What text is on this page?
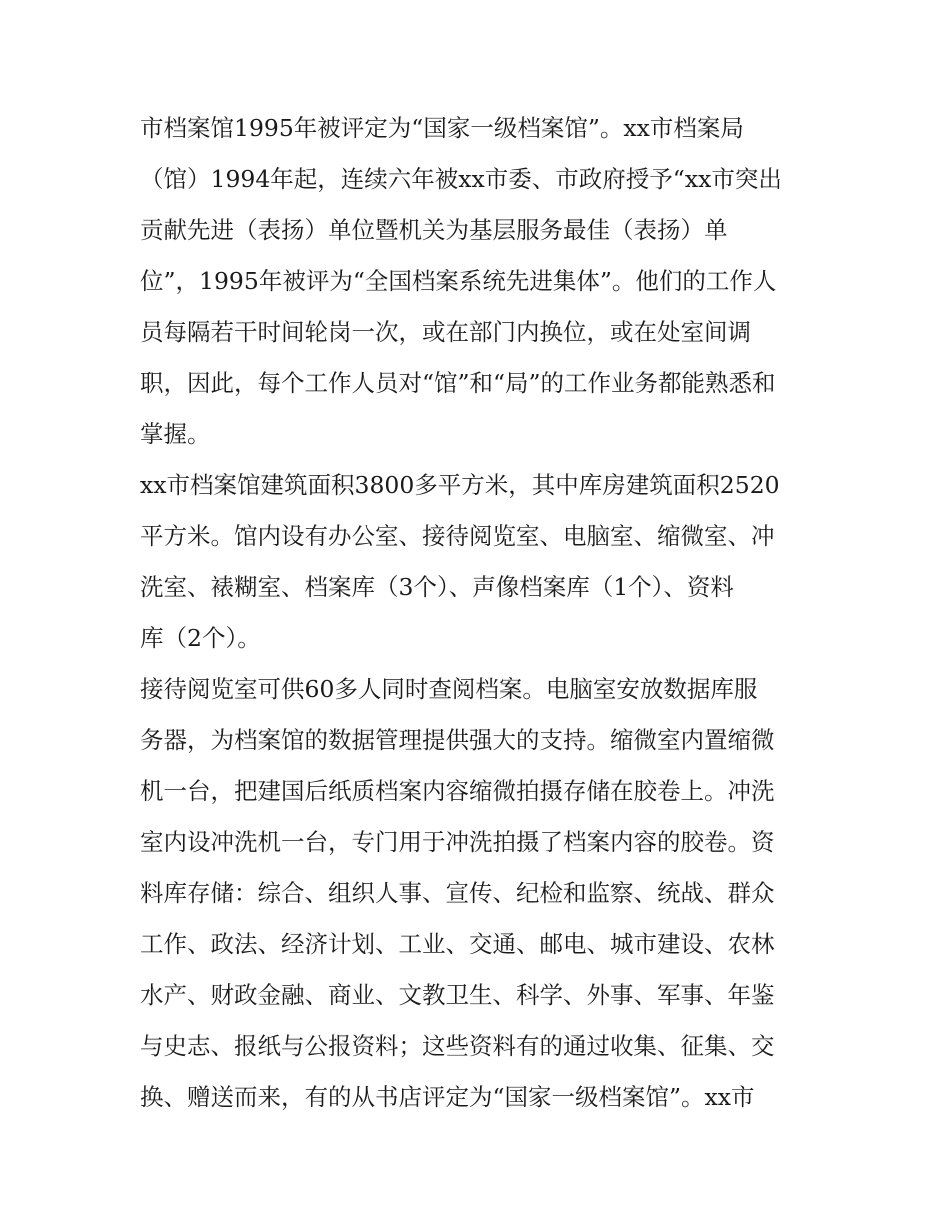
市档案馆1995年被评定为“国家一级档案馆”。xx市档案局
（馆）1994年起，连续六年被xx市委、市政府授予“xx市突出
贡献先进（表扬）单位暨机关为基层服务最佳（表扬）单
位”，1995年被评为“全国档案系统先进集体”。他们的工作人
员每隔若干时间轮岗一次，或在部门内换位，或在处室间调
职，因此，每个工作人员对“馆”和“局”的工作业务都能熟悉和
掌握。
xx市档案馆建筑面积3800多平方米，其中库房建筑面积2520
平方米。馆内设有办公室、接待阅览室、电脑室、缩微室、冲
洗室、裱糊室、档案库（3个）、声像档案库（1个）、资料
库（2个）。
接待阅览室可供60多人同时查阅档案。电脑室安放数据库服
务器，为档案馆的数据管理提供强大的支持。缩微室内置缩微
机一台，把建国后纸质档案内容缩微拍摄存储在胶卷上。冲洗
室内设冲洗机一台，专门用于冲洗拍摄了档案内容的胶卷。资
料库存储：综合、组织人事、宣传、纪检和监察、统战、群众
工作、政法、经济计划、工业、交通、邮电、城市建设、农林
水产、财政金融、商业、文教卫生、科学、外事、军事、年鉴
与史志、报纸与公报资料；这些资料有的通过收集、征集、交
换、赠送而来，有的从书店评定为“国家一级档案馆”。xx市
